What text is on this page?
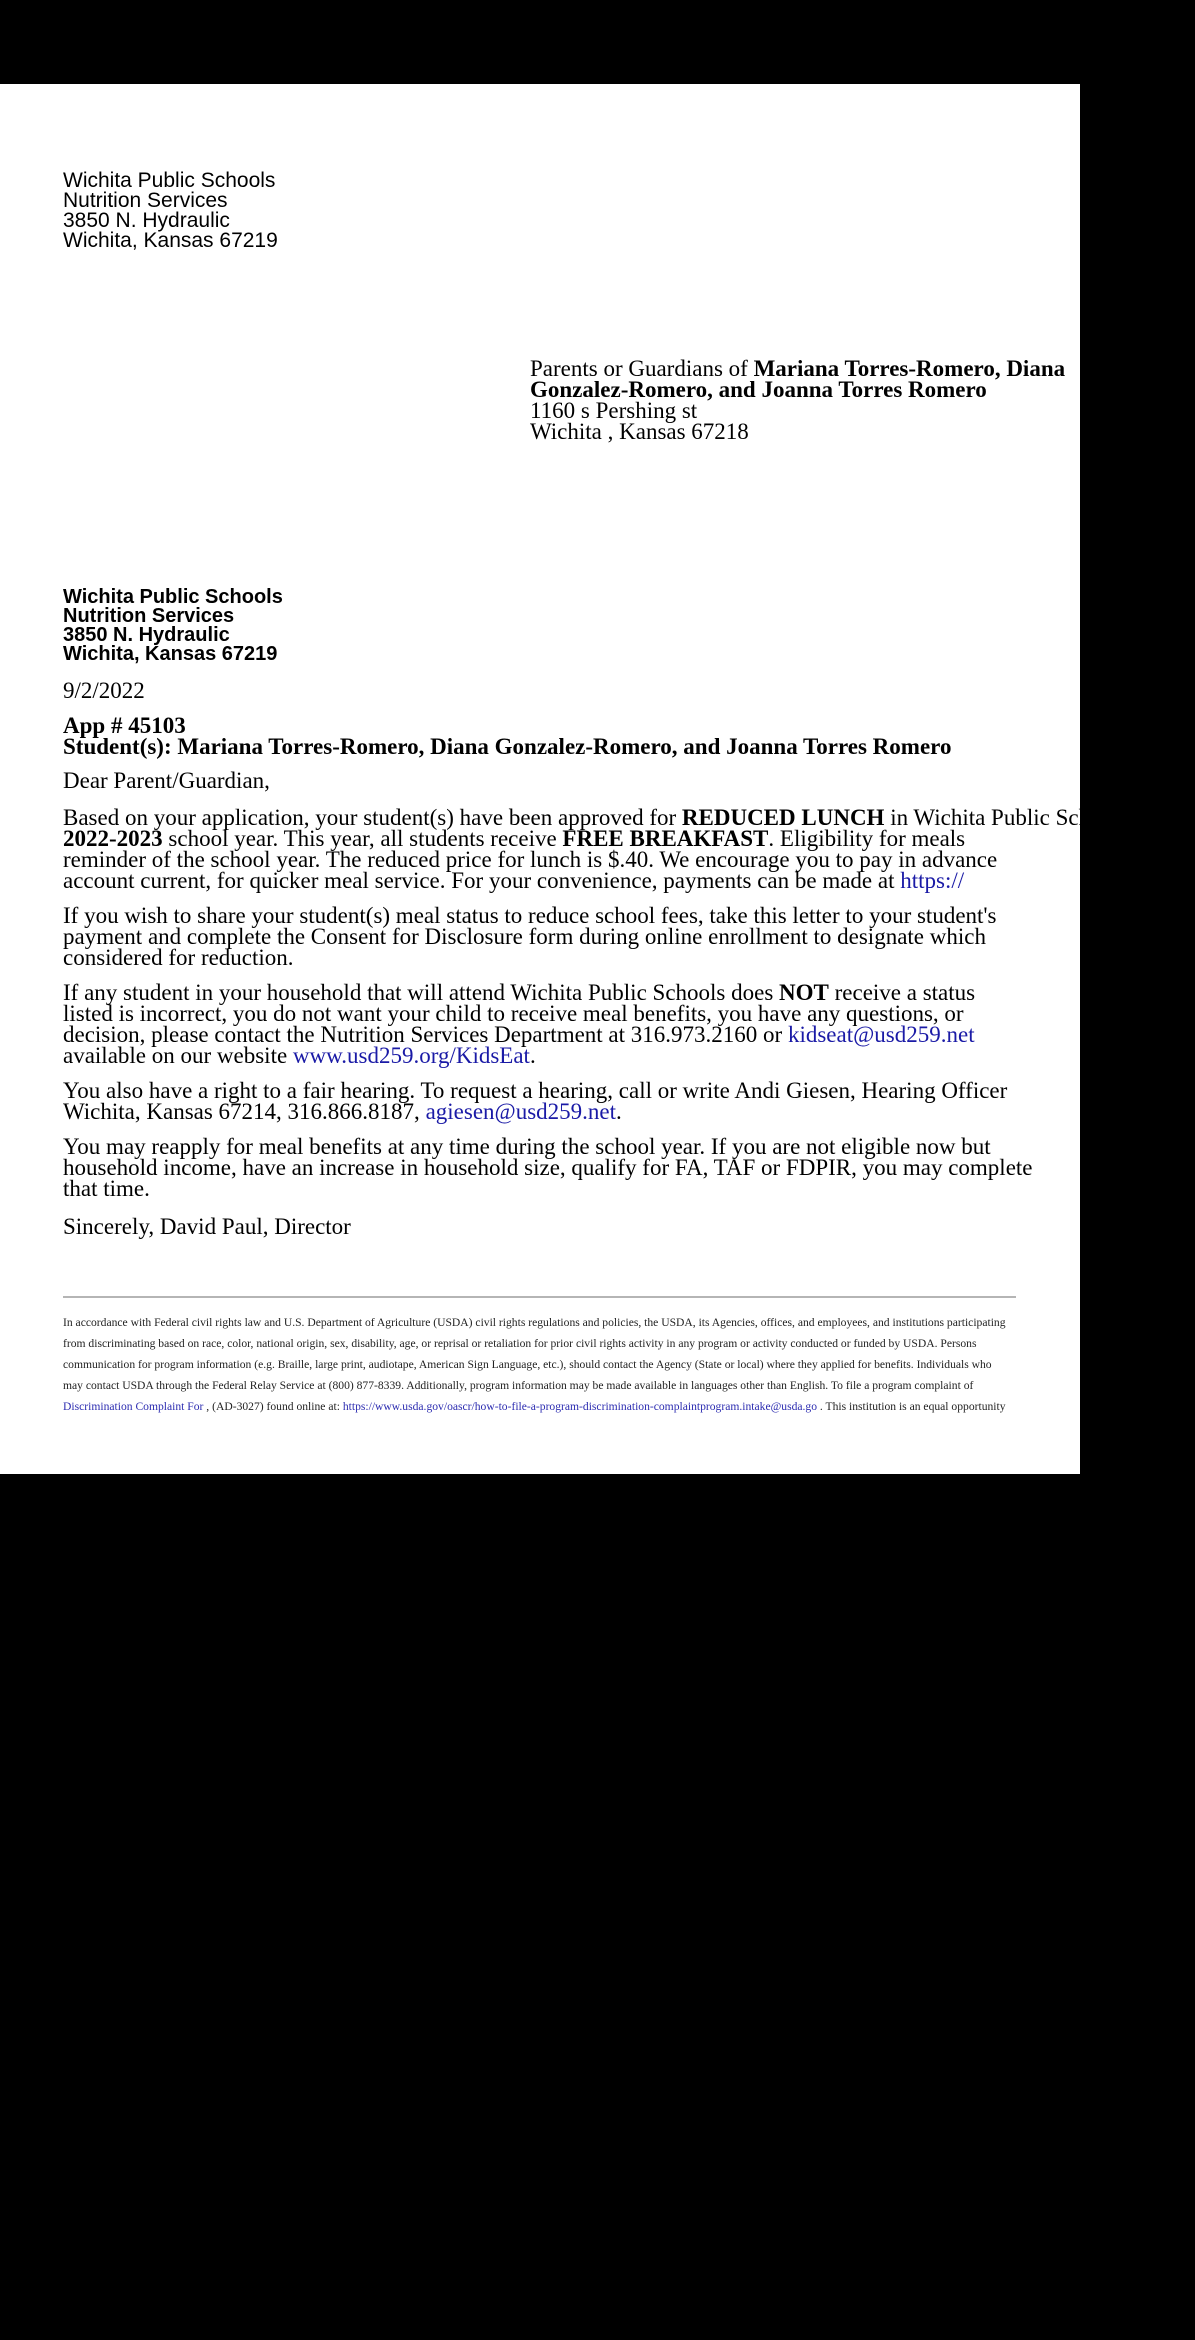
Wichita Public Schools
Nutrition Services
3850 N. Hydraulic
Wichita, Kansas 67219
Parents or Guardians of Mariana Torres-Romero, Diana
Gonzalez-Romero, and Joanna Torres Romero
1160 s Pershing st
Wichita , Kansas 67218
Wichita Public Schools
Nutrition Services
3850 N. Hydraulic
Wichita, Kansas 67219
9/2/2022
App # 45103
Student(s): Mariana Torres-Romero, Diana Gonzalez-Romero, and Joanna Torres Romero
Dear Parent/Guardian,
Based on your application, your student(s) have been approved for REDUCED LUNCH in Wichita Public Schools for the
2022-2023 school year. This year, all students receive FREE BREAKFAST. Eligibility for meals
reminder of the school year. The reduced price for lunch is $.40. We encourage you to pay in advance
account current, for quicker meal service. For your convenience, payments can be made at https://
If you wish to share your student(s) meal status to reduce school fees, take this letter to your student's
payment and complete the Consent for Disclosure form during online enrollment to designate which
considered for reduction.
If any student in your household that will attend Wichita Public Schools does NOT receive a status
listed is incorrect, you do not want your child to receive meal benefits, you have any questions, or
decision, please contact the Nutrition Services Department at 316.973.2160 or kidseat@usd259.net
available on our website www.usd259.org/KidsEat.
You also have a right to a fair hearing. To request a hearing, call or write Andi Giesen, Hearing Officer
Wichita, Kansas 67214, 316.866.8187, agiesen@usd259.net.
You may reapply for meal benefits at any time during the school year. If you are not eligible now but
household income, have an increase in household size, qualify for FA, TAF or FDPIR, you may complete
that time.
Sincerely, David Paul, Director
In accordance with Federal civil rights law and U.S. Department of Agriculture (USDA) civil rights regulations and policies, the USDA, its Agencies, offices, and employees, and institutions participating
from discriminating based on race, color, national origin, sex, disability, age, or reprisal or retaliation for prior civil rights activity in any program or activity conducted or funded by USDA. Persons
communication for program information (e.g. Braille, large print, audiotape, American Sign Language, etc.), should contact the Agency (State or local) where they applied for benefits. Individuals who
may contact USDA through the Federal Relay Service at (800) 877-8339. Additionally, program information may be made available in languages other than English. To file a program complaint of
Discrimination Complaint For , (AD-3027) found online at: https://www.usda.gov/oascr/how-to-file-a-program-discrimination-complaintprogram.intake@usda.go . This institution is an equal opportunity
